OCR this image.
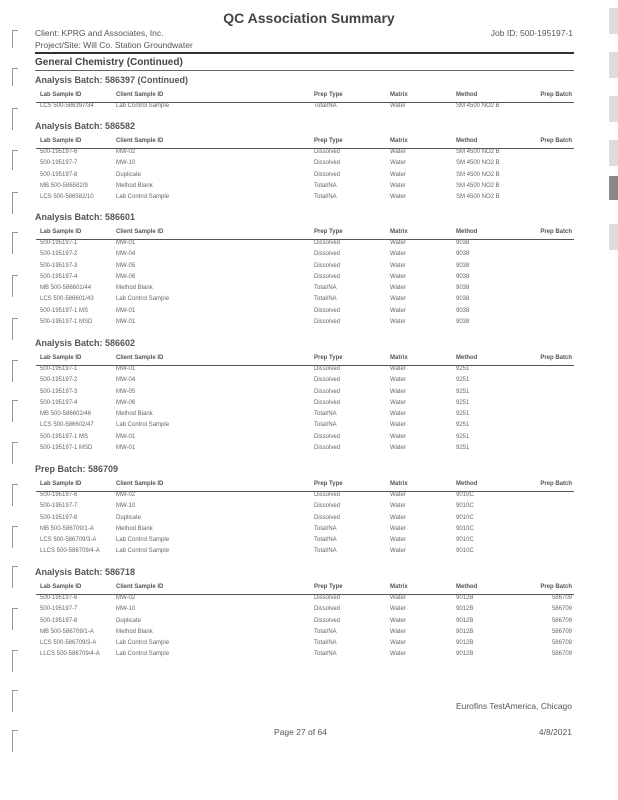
QC Association Summary
Client: KPRG and Associates, Inc.	Job ID: 500-195197-1
Project/Site: Will Co. Station Groundwater
General Chemistry (Continued)
Analysis Batch: 586397 (Continued)
Lab Sample ID	Client Sample ID	Prep Type	Matrix	Method	Prep Batch
LCS 500-586397/34	Lab Control Sample	Total/NA	Water	SM 4500 NO2 B
Analysis Batch: 586582
Lab Sample ID	Client Sample ID	Prep Type	Matrix	Method	Prep Batch
500-195197-6	MW-02	Dissolved	Water	SM 4500 NO2 B
500-195197-7	MW-10	Dissolved	Water	SM 4500 NO2 B
500-195197-8	Duplicate	Dissolved	Water	SM 4500 NO2 B
MB 500-586582/9	Method Blank	Total/NA	Water	SM 4500 NO2 B
LCS 500-586582/10	Lab Control Sample	Total/NA	Water	SM 4500 NO2 B
Analysis Batch: 586601
Lab Sample ID	Client Sample ID	Prep Type	Matrix	Method	Prep Batch
500-195197-1	MW-01	Dissolved	Water	9038
500-195197-2	MW-04	Dissolved	Water	9038
500-195197-3	MW-05	Dissolved	Water	9038
500-195197-4	MW-06	Dissolved	Water	9038
MB 500-586601/44	Method Blank	Total/NA	Water	9038
LCS 500-586601/43	Lab Control Sample	Total/NA	Water	9038
500-195197-1 MS	MW-01	Dissolved	Water	9038
500-195197-1 MSD	MW-01	Dissolved	Water	9038
Analysis Batch: 586602
Lab Sample ID	Client Sample ID	Prep Type	Matrix	Method	Prep Batch
500-195197-1	MW-01	Dissolved	Water	9251
500-195197-2	MW-04	Dissolved	Water	9251
500-195197-3	MW-05	Dissolved	Water	9251
500-195197-4	MW-06	Dissolved	Water	9251
MB 500-586602/46	Method Blank	Total/NA	Water	9251
LCS 500-586602/47	Lab Control Sample	Total/NA	Water	9251
500-195197-1 MS	MW-01	Dissolved	Water	9251
500-195197-1 MSD	MW-01	Dissolved	Water	9251
Prep Batch: 586709
Lab Sample ID	Client Sample ID	Prep Type	Matrix	Method	Prep Batch
500-195197-6	MW-02	Dissolved	Water	9010C
500-195197-7	MW-10	Dissolved	Water	9010C
500-195197-8	Duplicate	Dissolved	Water	9010C
MB 500-586709/1-A	Method Blank	Total/NA	Water	9010C
LCS 500-586709/3-A	Lab Control Sample	Total/NA	Water	9010C
LLCS 500-586709/4-A	Lab Control Sample	Total/NA	Water	9010C
Analysis Batch: 586718
Lab Sample ID	Client Sample ID	Prep Type	Matrix	Method	Prep Batch
500-195197-6	MW-02	Dissolved	Water	9012B	586709
500-195197-7	MW-10	Dissolved	Water	9012B	586709
500-195197-8	Duplicate	Dissolved	Water	9012B	586709
MB 500-586709/1-A	Method Blank	Total/NA	Water	9012B	586709
LCS 500-586709/3-A	Lab Control Sample	Total/NA	Water	9012B	586709
LLCS 500-586709/4-A	Lab Control Sample	Total/NA	Water	9012B	586709
Eurofins TestAmerica, Chicago
Page 27 of 64	4/8/2021
